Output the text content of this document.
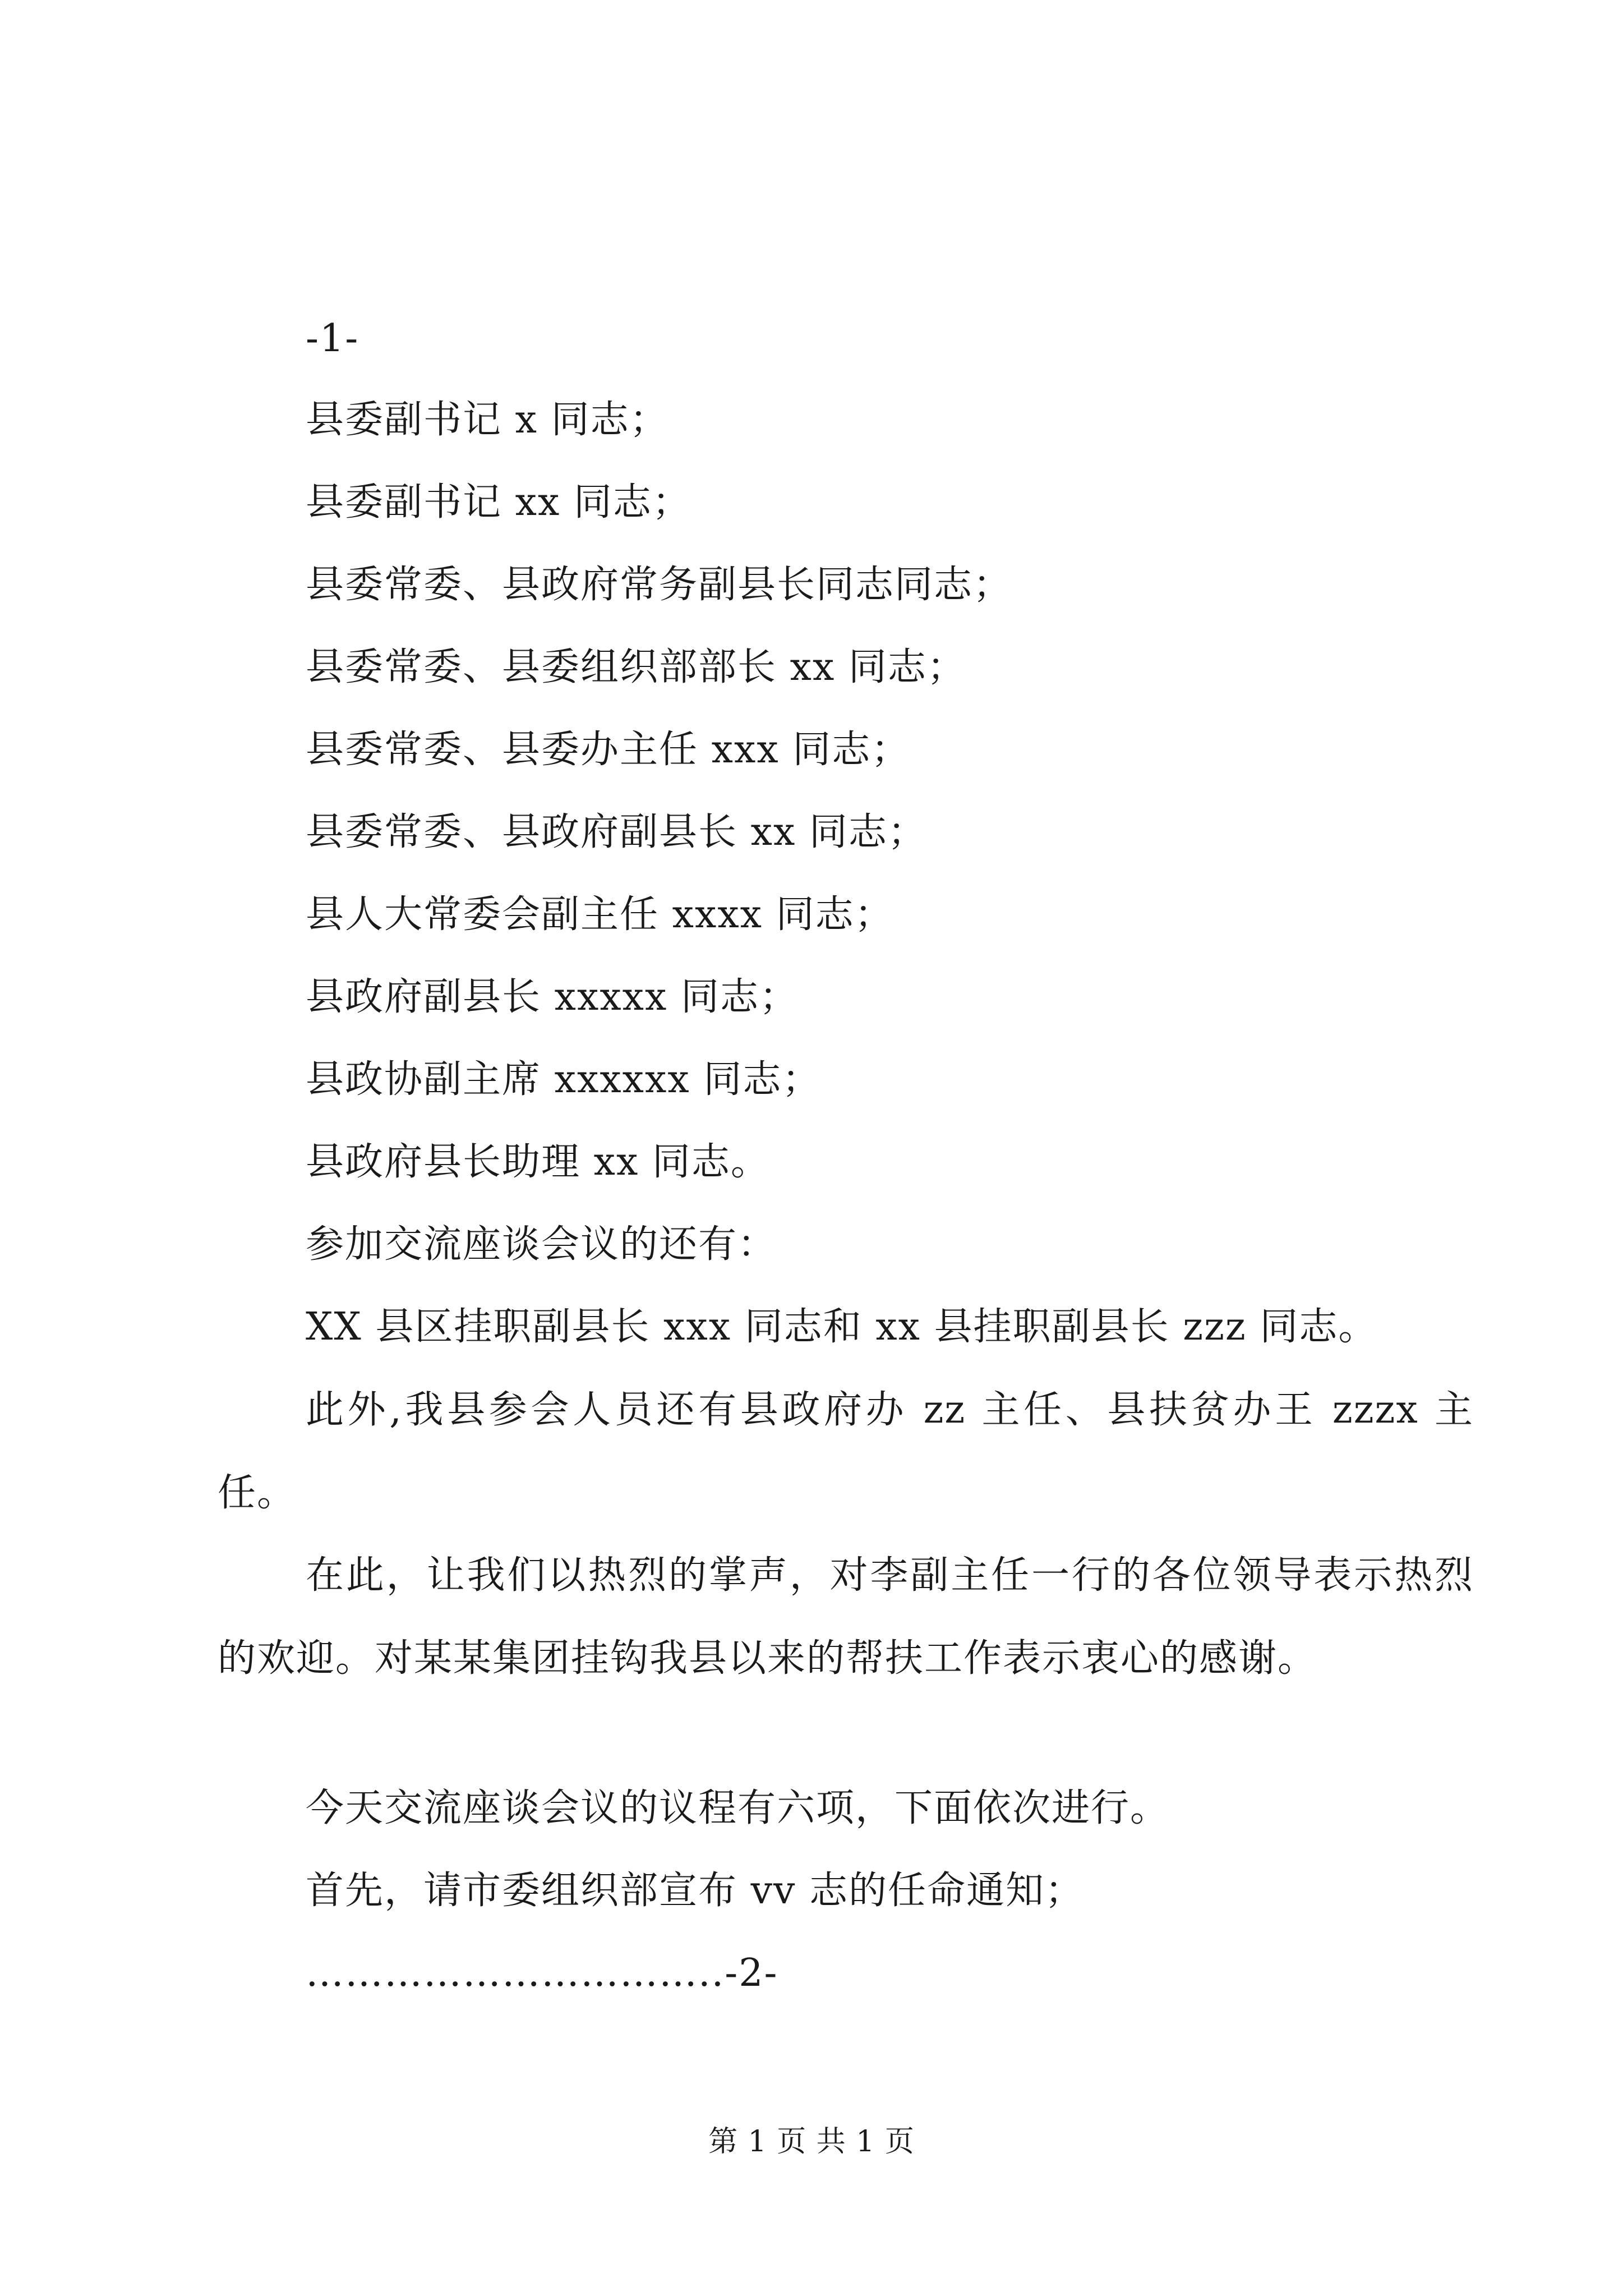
-1-
县委副书记 x 同志；
县委副书记 xx 同志；
县委常委、县政府常务副县长同志同志；
县委常委、县委组织部部长 xx 同志；
县委常委、县委办主任 xxx 同志；
县委常委、县政府副县长 xx 同志；
县人大常委会副主任 xxxx 同志；
县政府副县长 xxxxx 同志；
县政协副主席 xxxxxx 同志；
县政府县长助理 xx 同志。
参加交流座谈会议的还有：
XX 县区挂职副县长 xxx 同志和 xx 县挂职副县长 zzz 同志。
此外,我县参会人员还有县政府办 zz 主任、县扶贫办王 zzzx 主任。
在此，让我们以热烈的掌声，对李副主任一行的各位领导表示热烈的欢迎。对某某集团挂钩我县以来的帮扶工作表示衷心的感谢。
今天交流座谈会议的议程有六项，下面依次进行。
首先，请市委组织部宣布 vv 志的任命通知；
…………………………..-2-
第 1 页 共 1 页
